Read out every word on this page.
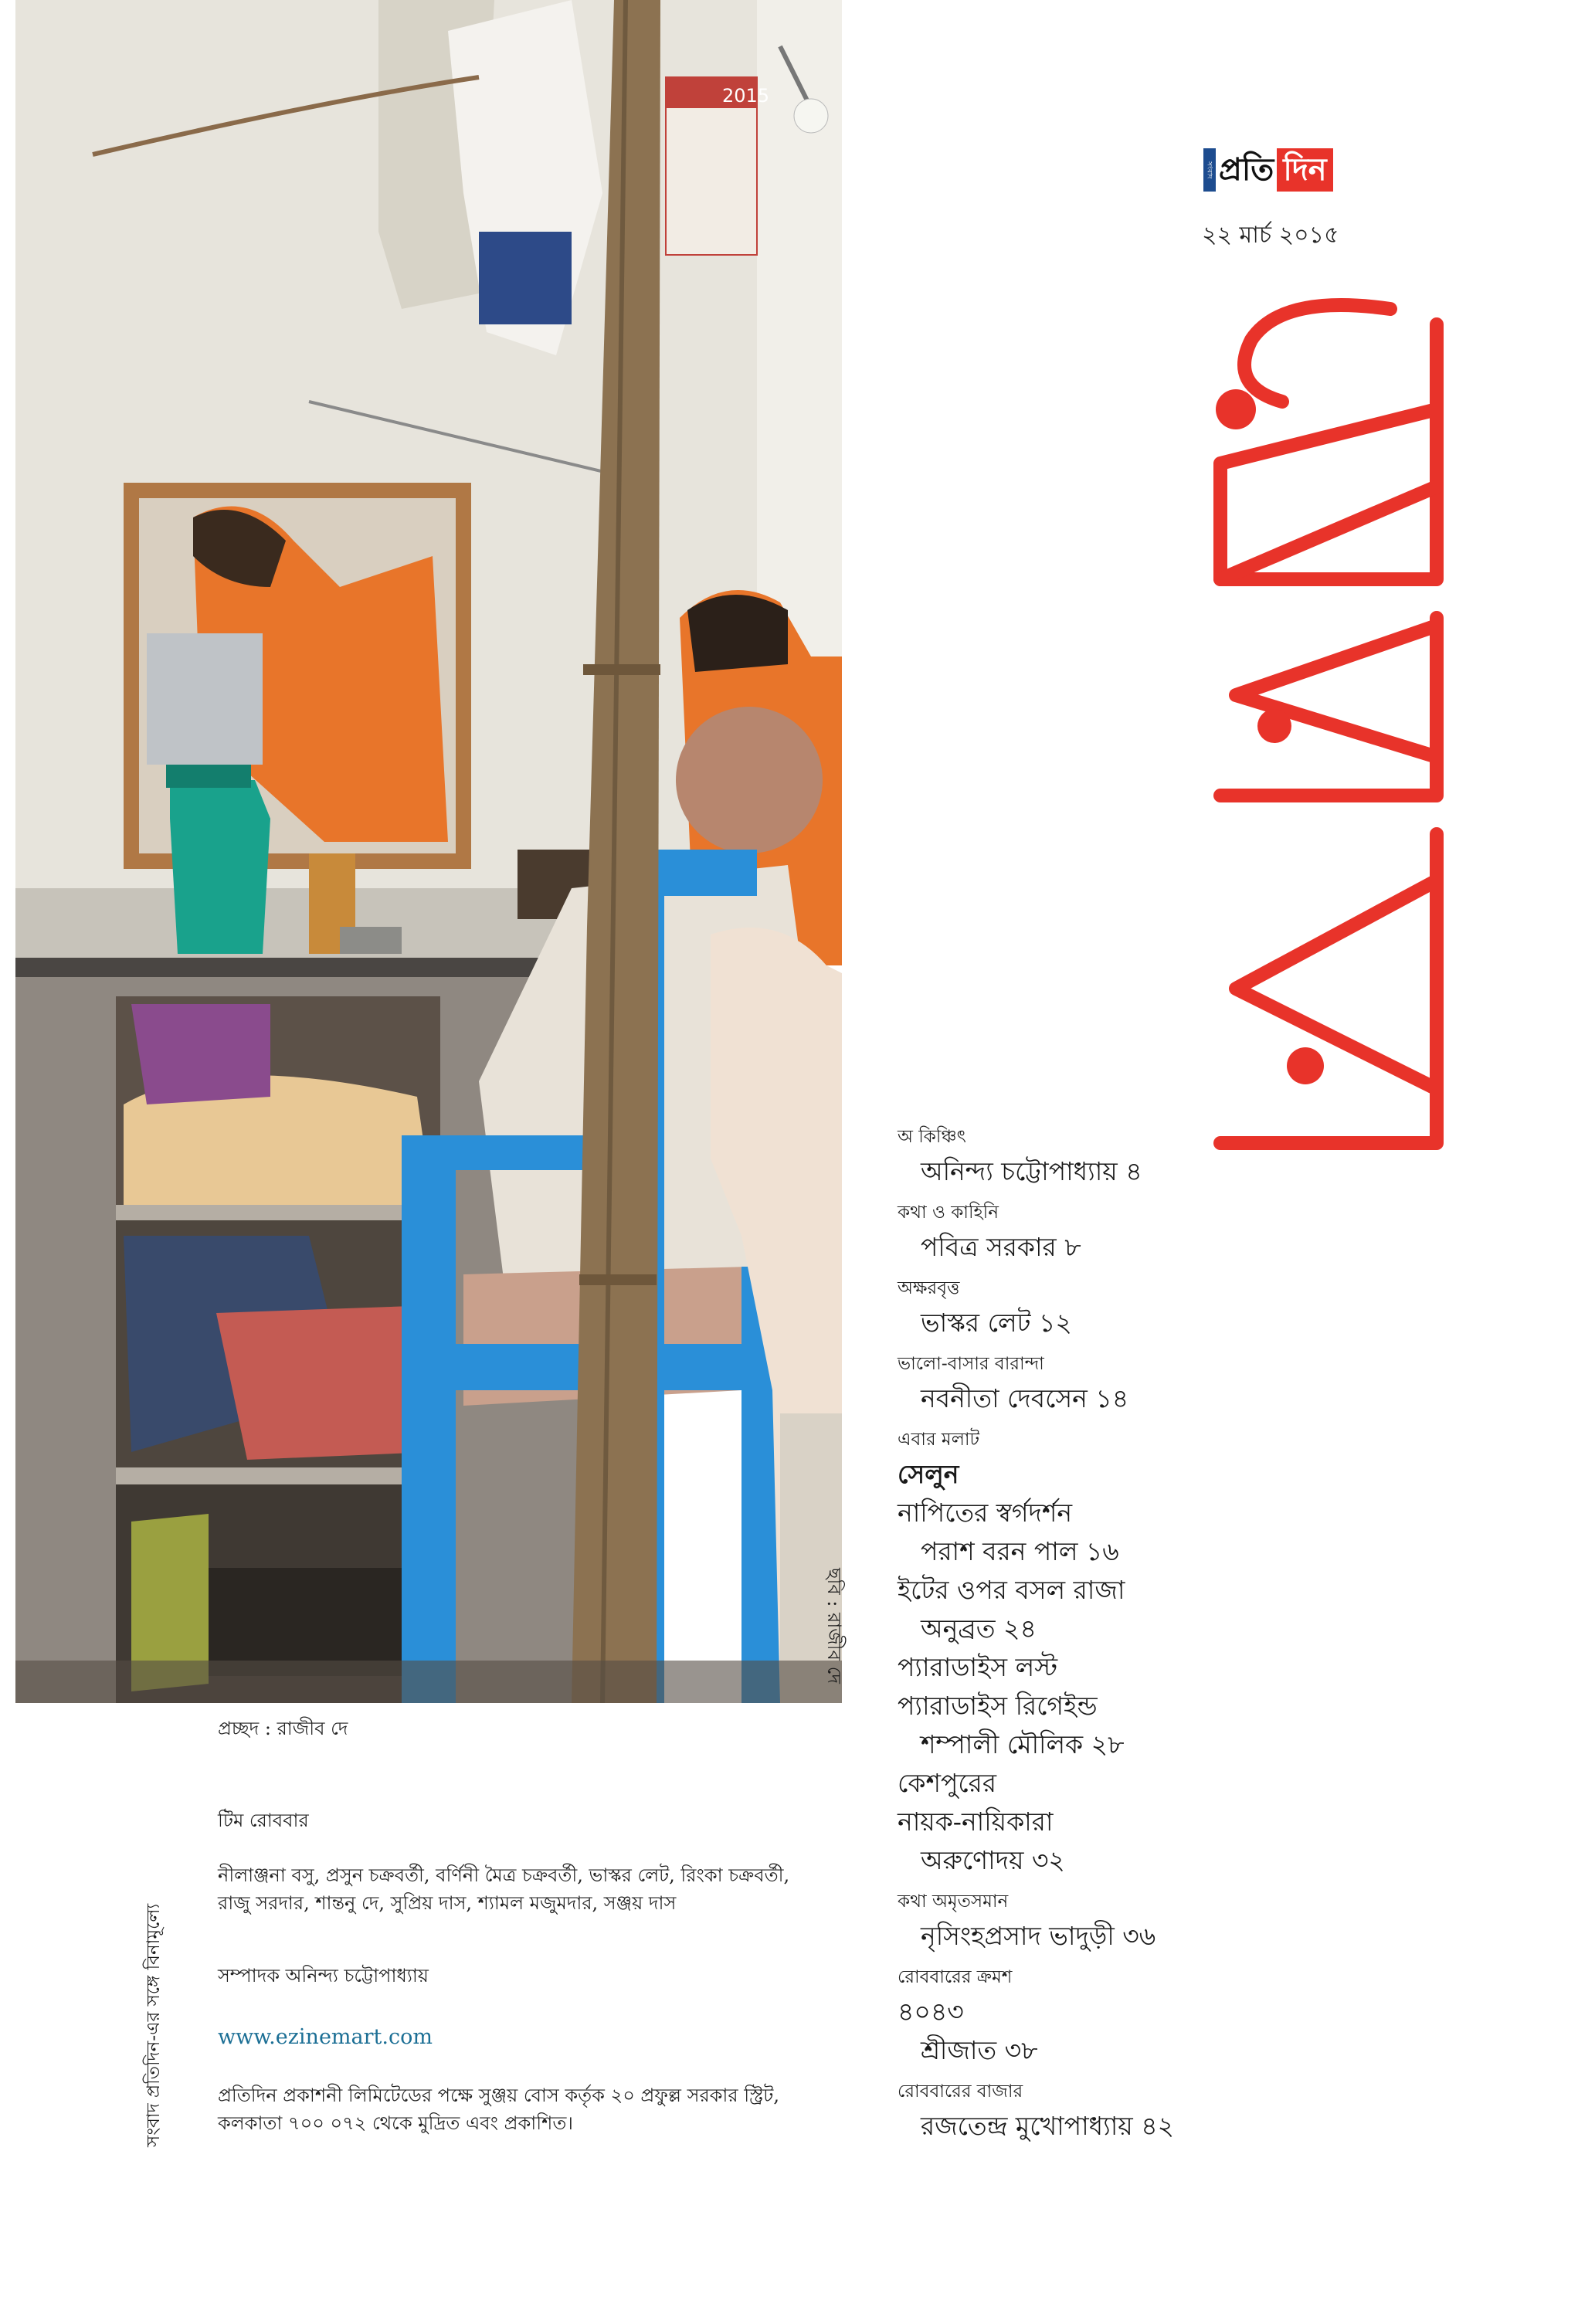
2015
ছবি : রাজীব দে
সংবাদ প্রতি দিন
২২ মার্চ ২০১৫
অ কিঞ্চিৎ
অনিন্দ্য চট্টোপাধ্যায় ৪
কথা ও কাহিনি
পবিত্র সরকার ৮
অক্ষরবৃত্ত
ভাস্কর লেট ১২
ভালো-বাসার বারান্দা
নবনীতা দেবসেন ১৪
এবার মলাট
সেলুন
নাপিতের স্বর্গদর্শন
পরাশ বরন পাল ১৬
ইটের ওপর বসল রাজা
অনুব্রত ২৪
প্যারাডাইস লস্ট
প্যারাডাইস রিগেইন্ড
শম্পালী মৌলিক ২৮
কেশপুরের
নায়ক-নায়িকারা
অরুণোদয় ৩২
কথা অমৃতসমান
নৃসিংহপ্রসাদ ভাদুড়ী ৩৬
রোববারের ক্রমশ
৪০৪৩
শ্রীজাত ৩৮
রোববারের বাজার
রজতেন্দ্র মুখোপাধ্যায় ৪২
প্রচ্ছদ : রাজীব দে
টিম রোববার
নীলাঞ্জনা বসু, প্রসুন চক্রবর্তী, বর্ণিনী মৈত্র চক্রবর্তী, ভাস্কর লেট, রিংকা চক্রবর্তী, রাজু সরদার, শান্তনু দে, সুপ্রিয় দাস, শ্যামল মজুমদার, সঞ্জয় দাস
সম্পাদক অনিন্দ্য চট্টোপাধ্যায়
www.ezinemart.com
প্রতিদিন প্রকাশনী লিমিটেডের পক্ষে সুঞ্জয় বোস কর্তৃক ২০ প্রফুল্ল সরকার স্ট্রিট, কলকাতা ৭০০ ০৭২ থেকে মুদ্রিত এবং প্রকাশিত।
সংবাদ প্রতিদিন-এর সঙ্গে বিনামূল্যে
